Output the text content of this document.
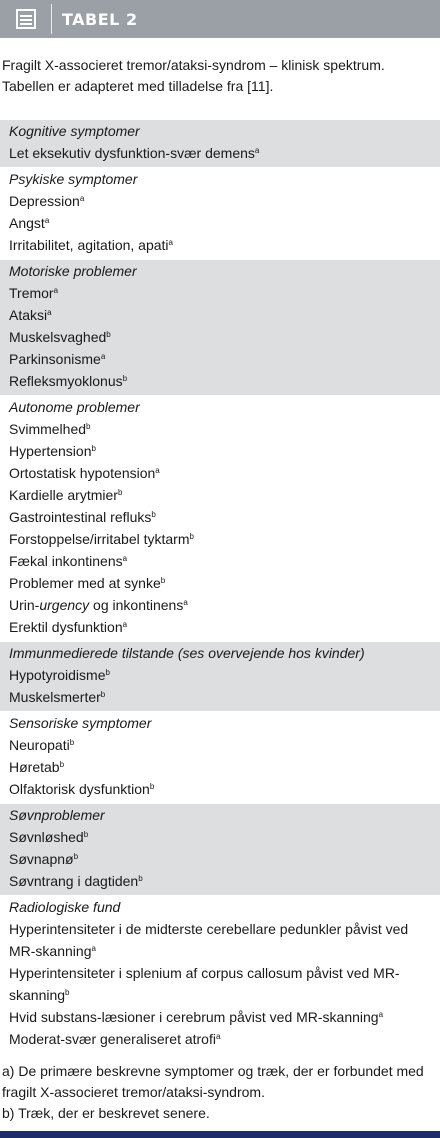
TABEL 2
Fragilt X-associeret tremor/ataksi-syndrom – klinisk spektrum. Tabellen er adapteret med tilladelse fra [11].
Kognitive symptomer
Let eksekutiv dysfunktion-svær demens$^a$
Psykiske symptomer
Depression$^a$
Angst$^a$
Irritabilitet, agitation, apati$^a$
Motoriske problemer
Tremor$^a$
Ataksi$^a$
Muskelsvaghed$^b$
Parkinsonisme$^a$
Refleksmyoklonus$^b$
Autonome problemer
Svimmelhed$^b$
Hypertension$^b$
Ortostatisk hypotension$^a$
Kardielle arytmier$^b$
Gastrointestinal refluks$^b$
Forstoppelse/irritabel tyktarm$^b$
Fækal inkontinens$^a$
Problemer med at synke$^b$
Urin-urgency og inkontinens$^a$
Erektil dysfunktion$^a$
Immunmedierede tilstande (ses overvejende hos kvinder)
Hypotyroidisme$^b$
Muskelsmerter$^b$
Sensoriske symptomer
Neuropati$^b$
Høretab$^b$
Olfaktorisk dysfunktion$^b$
Søvnproblemer
Søvnløshed$^b$
Søvnapnø$^b$
Søvntrang i dagtiden$^b$
Radiologiske fund
Hyperintensiteter i de midterste cerebellare pedunkler påvist ved MR-skanning$^a$
Hyperintensiteter i splenium af corpus callosum påvist ved MR-skanning$^b$
Hvid substans-læsioner i cerebrum påvist ved MR-skanning$^a$
Moderat-svær generaliseret atrofi$^a$
a) De primære beskrevne symptomer og træk, der er forbundet med fragilt X-associeret tremor/ataksi-syndrom.
b) Træk, der er beskrevet senere.
